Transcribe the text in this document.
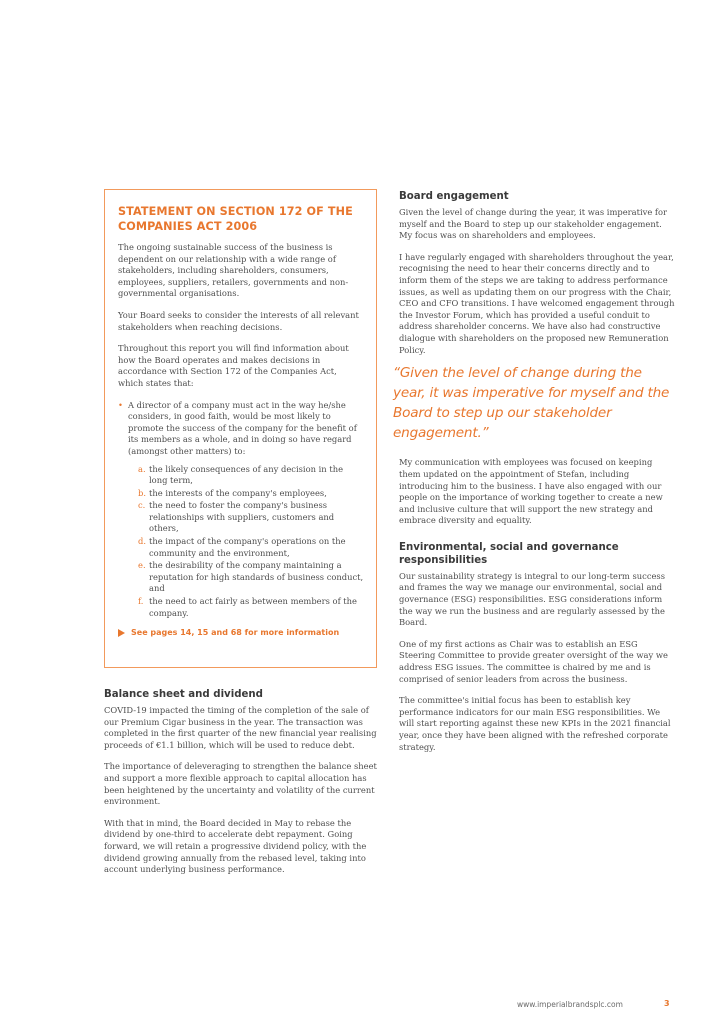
STATEMENT ON SECTION 172 OF THE COMPANIES ACT 2006

The ongoing sustainable success of the business is dependent on our relationship with a wide range of stakeholders, including shareholders, consumers, employees, suppliers, retailers, governments and non-governmental organisations.

Your Board seeks to consider the interests of all relevant stakeholders when reaching decisions.

Throughout this report you will find information about how the Board operates and makes decisions in accordance with Section 172 of the Companies Act, which states that:

• A director of a company must act in the way he/she considers, in good faith, would be most likely to promote the success of the company for the benefit of its members as a whole, and in doing so have regard (amongst other matters) to:

a. the likely consequences of any decision in the long term,
b. the interests of the company's employees,
c. the need to foster the company's business relationships with suppliers, customers and others,
d. the impact of the company's operations on the community and the environment,
e. the desirability of the company maintaining a reputation for high standards of business conduct, and
f. the need to act fairly as between members of the company.
See pages 14, 15 and 68 for more information
Balance sheet and dividend

COVID-19 impacted the timing of the completion of the sale of our Premium Cigar business in the year. The transaction was completed in the first quarter of the new financial year realising proceeds of €1.1 billion, which will be used to reduce debt.

The importance of deleveraging to strengthen the balance sheet and support a more flexible approach to capital allocation has been heightened by the uncertainty and volatility of the current environment.

With that in mind, the Board decided in May to rebase the dividend by one-third to accelerate debt repayment. Going forward, we will retain a progressive dividend policy, with the dividend growing annually from the rebased level, taking into account underlying business performance.

Board engagement

Given the level of change during the year, it was imperative for myself and the Board to step up our stakeholder engagement. My focus was on shareholders and employees.

I have regularly engaged with shareholders throughout the year, recognising the need to hear their concerns directly and to inform them of the steps we are taking to address performance issues, as well as updating them on our progress with the Chair, CEO and CFO transitions. I have welcomed engagement through the Investor Forum, which has provided a useful conduit to address shareholder concerns. We have also had constructive dialogue with shareholders on the proposed new Remuneration Policy.

“Given the level of change during the year, it was imperative for myself and the Board to step up our stakeholder engagement.”

My communication with employees was focused on keeping them updated on the appointment of Stefan, including introducing him to the business. I have also engaged with our people on the importance of working together to create a new and inclusive culture that will support the new strategy and embrace diversity and equality.

Environmental, social and governance responsibilities

Our sustainability strategy is integral to our long-term success and frames the way we manage our environmental, social and governance (ESG) responsibilities. ESG considerations inform the way we run the business and are regularly assessed by the Board.

One of my first actions as Chair was to establish an ESG Steering Committee to provide greater oversight of the way we address ESG issues. The committee is chaired by me and is comprised of senior leaders from across the business.

The committee's initial focus has been to establish key performance indicators for our main ESG responsibilities. We will start reporting against these new KPIs in the 2021 financial year, once they have been aligned with the refreshed corporate strategy.

www.imperialbrandsplc.com	3
